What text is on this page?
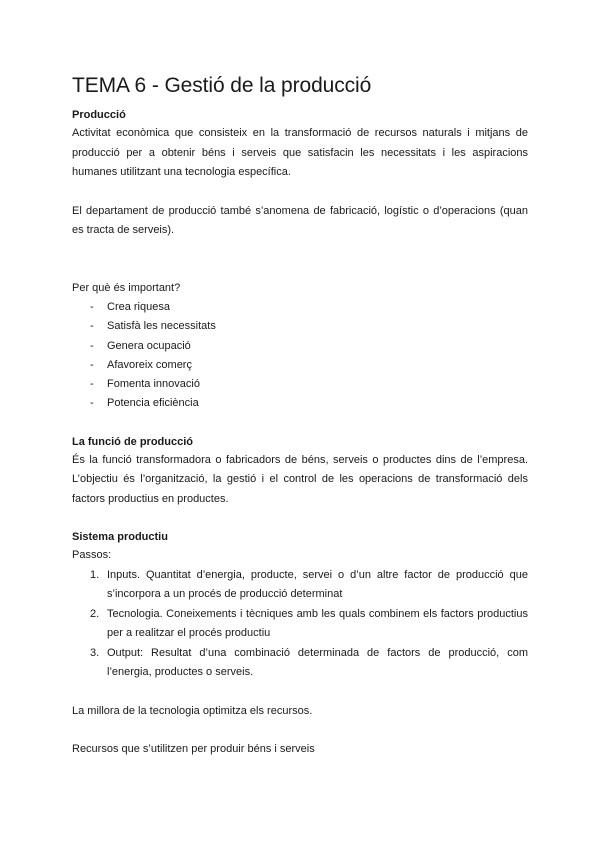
TEMA 6 - Gestió de la producció

Producció

Activitat econòmica que consisteix en la transformació de recursos naturals i mitjans de producció per a obtenir béns i serveis que satisfacin les necessitats i les aspiracions humanes utilitzant una tecnologia específica.

El departament de producció també s’anomena de fabricació, logístic o d’operacions (quan es tracta de serveis).

Per què és important?

- Crea riquesa
- Satisfà les necessitats
- Genera ocupació
- Afavoreix comerç
- Fomenta innovació
- Potencia eficiència

La funció de producció

És la funció transformadora o fabricadors de béns, serveis o productes dins de l’empresa. L’objectiu és l’organització, la gestió i el control de les operacions de transformació dels factors productius en productes.

Sistema productiu

Passos:

1. Inputs. Quantitat d’energia, producte, servei o d’un altre factor de producció que s’incorpora a un procés de producció determinat
2. Tecnologia. Coneixements i tècniques amb les quals combinem els factors productius per a realitzar el procés productiu
3. Output: Resultat d’una combinació determinada de factors de producció, com l’energia, productes o serveis.

La millora de la tecnologia optimitza els recursos.

Recursos que s’utilitzen per produir béns i serveis
